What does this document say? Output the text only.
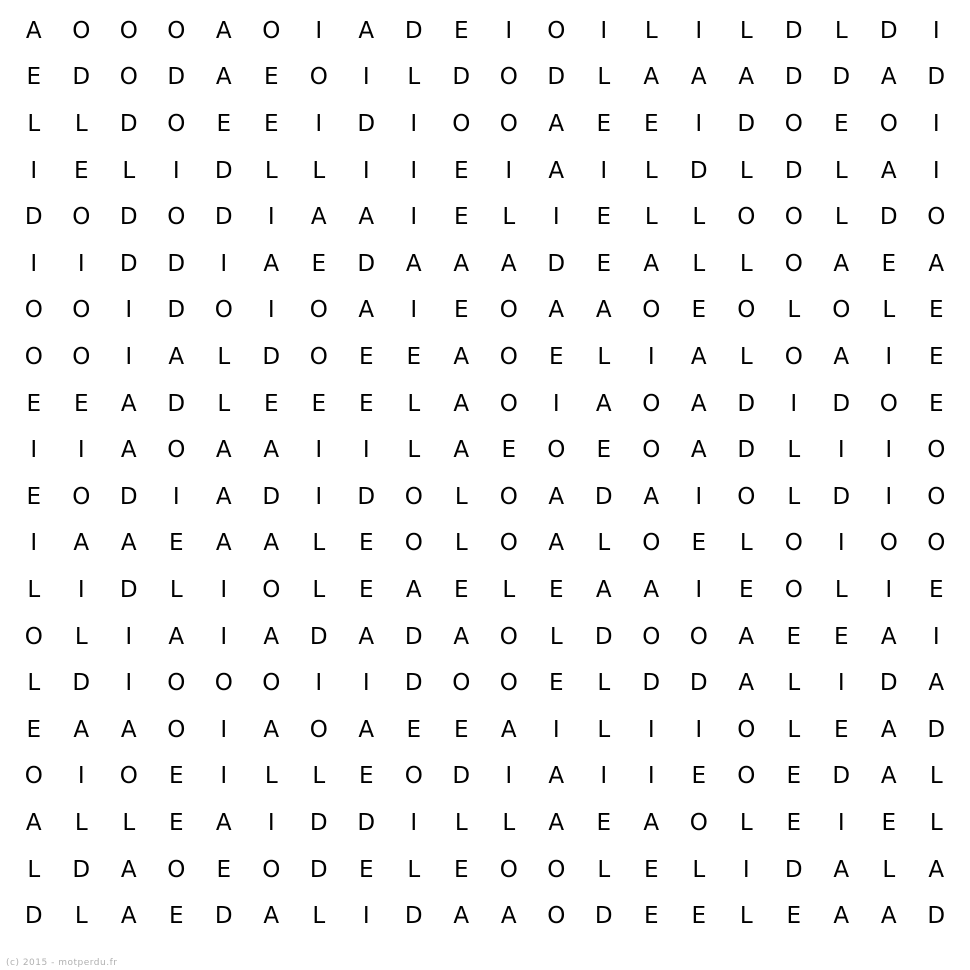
A	O	O	O	A	O	I	A	D	E	I	O	I	L	I	L	D	L	D	I
E	D	O	D	A	E	O	I	L	D	O	D	L	A	A	A	D	D	A	D
L	L	D	O	E	E	I	D	I	O	O	A	E	E	I	D	O	E	O	I
I	E	L	I	D	L	L	I	I	E	I	A	I	L	D	L	D	L	A	I
D	O	D	O	D	I	A	A	I	E	L	I	E	L	L	O	O	L	D	O
I	I	D	D	I	A	E	D	A	A	A	D	E	A	L	L	O	A	E	A
O	O	I	D	O	I	O	A	I	E	O	A	A	O	E	O	L	O	L	E
O	O	I	A	L	D	O	E	E	A	O	E	L	I	A	L	O	A	I	E
E	E	A	D	L	E	E	E	L	A	O	I	A	O	A	D	I	D	O	E
I	I	A	O	A	A	I	I	L	A	E	O	E	O	A	D	L	I	I	O
E	O	D	I	A	D	I	D	O	L	O	A	D	A	I	O	L	D	I	O
I	A	A	E	A	A	L	E	O	L	O	A	L	O	E	L	O	I	O	O
L	I	D	L	I	O	L	E	A	E	L	E	A	A	I	E	O	L	I	E
O	L	I	A	I	A	D	A	D	A	O	L	D	O	O	A	E	E	A	I
L	D	I	O	O	O	I	I	D	O	O	E	L	D	D	A	L	I	D	A
E	A	A	O	I	A	O	A	E	E	A	I	L	I	I	O	L	E	A	D
O	I	O	E	I	L	L	E	O	D	I	A	I	I	E	O	E	D	A	L
A	L	L	E	A	I	D	D	I	L	L	A	E	A	O	L	E	I	E	L
L	D	A	O	E	O	D	E	L	E	O	O	L	E	L	I	D	A	L	A
D	L	A	E	D	A	L	I	D	A	A	O	D	E	E	L	E	A	A	D
(c) 2015 - motperdu.fr
